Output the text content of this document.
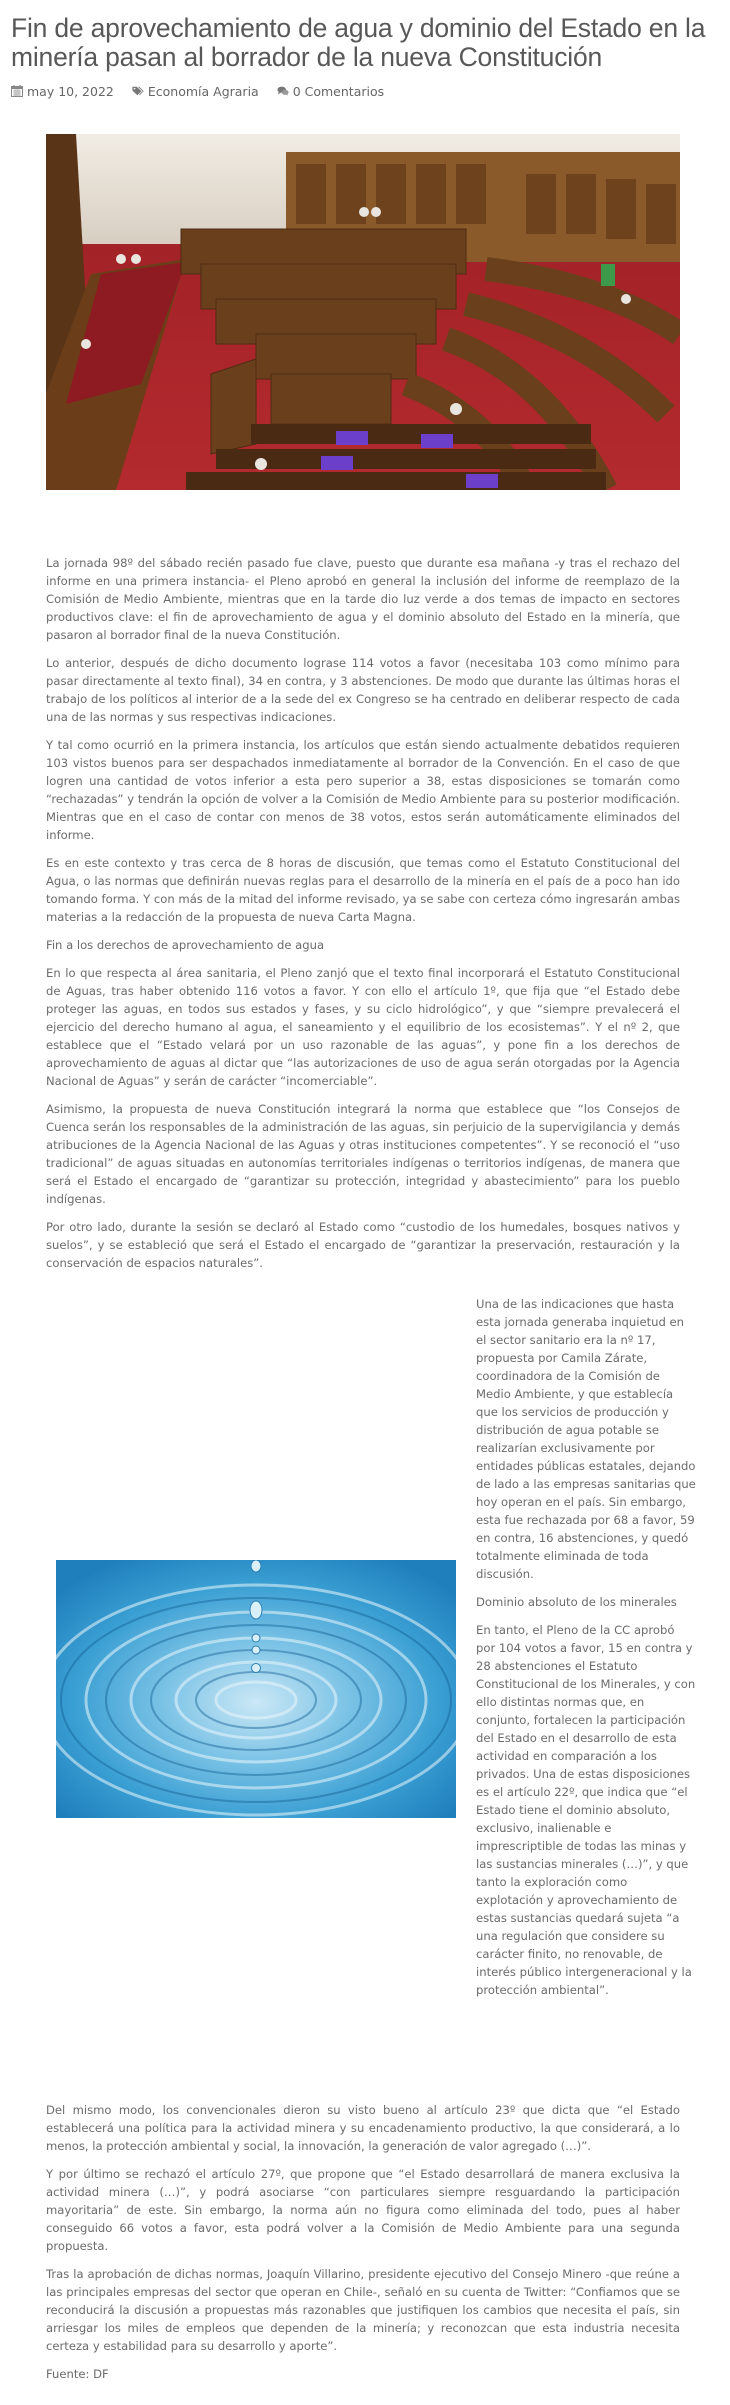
Fin de aprovechamiento de agua y dominio del Estado en la minería pasan al borrador de la nueva Constitución
may 10, 2022	Economía Agraria	0 Comentarios

La jornada 98º del sábado recién pasado fue clave, puesto que durante esa mañana -y tras el rechazo del informe en una primera instancia- el Pleno aprobó en general la inclusión del informe de reemplazo de la Comisión de Medio Ambiente, mientras que en la tarde dio luz verde a dos temas de impacto en sectores productivos clave: el fin de aprovechamiento de agua y el dominio absoluto del Estado en la minería, que pasaron al borrador final de la nueva Constitución.

Lo anterior, después de dicho documento lograse 114 votos a favor (necesitaba 103 como mínimo para pasar directamente al texto final), 34 en contra, y 3 abstenciones. De modo que durante las últimas horas el trabajo de los políticos al interior de a la sede del ex Congreso se ha centrado en deliberar respecto de cada una de las normas y sus respectivas indicaciones.

Y tal como ocurrió en la primera instancia, los artículos que están siendo actualmente debatidos requieren 103 vistos buenos para ser despachados inmediatamente al borrador de la Convención. En el caso de que logren una cantidad de votos inferior a esta pero superior a 38, estas disposiciones se tomarán como “rechazadas” y tendrán la opción de volver a la Comisión de Medio Ambiente para su posterior modificación. Mientras que en el caso de contar con menos de 38 votos, estos serán automáticamente eliminados del informe.

Es en este contexto y tras cerca de 8 horas de discusión, que temas como el Estatuto Constitucional del Agua, o las normas que definirán nuevas reglas para el desarrollo de la minería en el país de a poco han ido tomando forma. Y con más de la mitad del informe revisado, ya se sabe con certeza cómo ingresarán ambas materias a la redacción de la propuesta de nueva Carta Magna.

Fin a los derechos de aprovechamiento de agua

En lo que respecta al área sanitaria, el Pleno zanjó que el texto final incorporará el Estatuto Constitucional de Aguas, tras haber obtenido 116 votos a favor. Y con ello el artículo 1º, que fija que “el Estado debe proteger las aguas, en todos sus estados y fases, y su ciclo hidrológico”, y que “siempre prevalecerá el ejercicio del derecho humano al agua, el saneamiento y el equilibrio de los ecosistemas”. Y el nº 2, que establece que el “Estado velará por un uso razonable de las aguas”, y pone fin a los derechos de aprovechamiento de aguas al dictar que “las autorizaciones de uso de agua serán otorgadas por la Agencia Nacional de Aguas” y serán de carácter “incomerciable”.

Asimismo, la propuesta de nueva Constitución integrará la norma que establece que “los Consejos de Cuenca serán los responsables de la administración de las aguas, sin perjuicio de la supervigilancia y demás atribuciones de la Agencia Nacional de las Aguas y otras instituciones competentes”. Y se reconoció el “uso tradicional” de aguas situadas en autonomías territoriales indígenas o territorios indígenas, de manera que será el Estado el encargado de “garantizar su protección, integridad y abastecimiento” para los pueblo indígenas.

Por otro lado, durante la sesión se declaró al Estado como “custodio de los humedales, bosques nativos y suelos”, y se estableció que será el Estado el encargado de “garantizar la preservación, restauración y la conservación de espacios naturales”.

Una de las indicaciones que hasta esta jornada generaba inquietud en el sector sanitario era la nº 17, propuesta por Camila Zárate, coordinadora de la Comisión de Medio Ambiente, y que establecía que los servicios de producción y distribución de agua potable se realizarían exclusivamente por entidades públicas estatales, dejando de lado a las empresas sanitarias que hoy operan en el país. Sin embargo, esta fue rechazada por 68 a favor, 59 en contra, 16 abstenciones, y quedó totalmente eliminada de toda discusión.

Dominio absoluto de los minerales

En tanto, el Pleno de la CC aprobó por 104 votos a favor, 15 en contra y 28 abstenciones el Estatuto Constitucional de los Minerales, y con ello distintas normas que, en conjunto, fortalecen la participación del Estado en el desarrollo de esta actividad en comparación a los privados. Una de estas disposiciones es el artículo 22º, que indica que “el Estado tiene el dominio absoluto, exclusivo, inalienable e imprescriptible de todas las minas y las sustancias minerales (…)”, y que tanto la exploración como explotación y aprovechamiento de estas sustancias quedará sujeta “a una regulación que considere su carácter finito, no renovable, de interés público intergeneracional y la protección ambiental”.

Del mismo modo, los convencionales dieron su visto bueno al artículo 23º que dicta que “el Estado establecerá una política para la actividad minera y su encadenamiento productivo, la que considerará, a lo menos, la protección ambiental y social, la innovación, la generación de valor agregado (…)”.

Y por último se rechazó el artículo 27º, que propone que “el Estado desarrollará de manera exclusiva la actividad minera (…)”, y podrá asociarse “con particulares siempre resguardando la participación mayoritaria” de este. Sin embargo, la norma aún no figura como eliminada del todo, pues al haber conseguido 66 votos a favor, esta podrá volver a la Comisión de Medio Ambiente para una segunda propuesta.

Tras la aprobación de dichas normas, Joaquín Villarino, presidente ejecutivo del Consejo Minero -que reúne a las principales empresas del sector que operan en Chile-, señaló en su cuenta de Twitter: “Confiamos que se reconducirá la discusión a propuestas más razonables que justifiquen los cambios que necesita el país, sin arriesgar los miles de empleos que dependen de la minería; y reconozcan que esta industria necesita certeza y estabilidad para su desarrollo y aporte”.

Fuente: DF
